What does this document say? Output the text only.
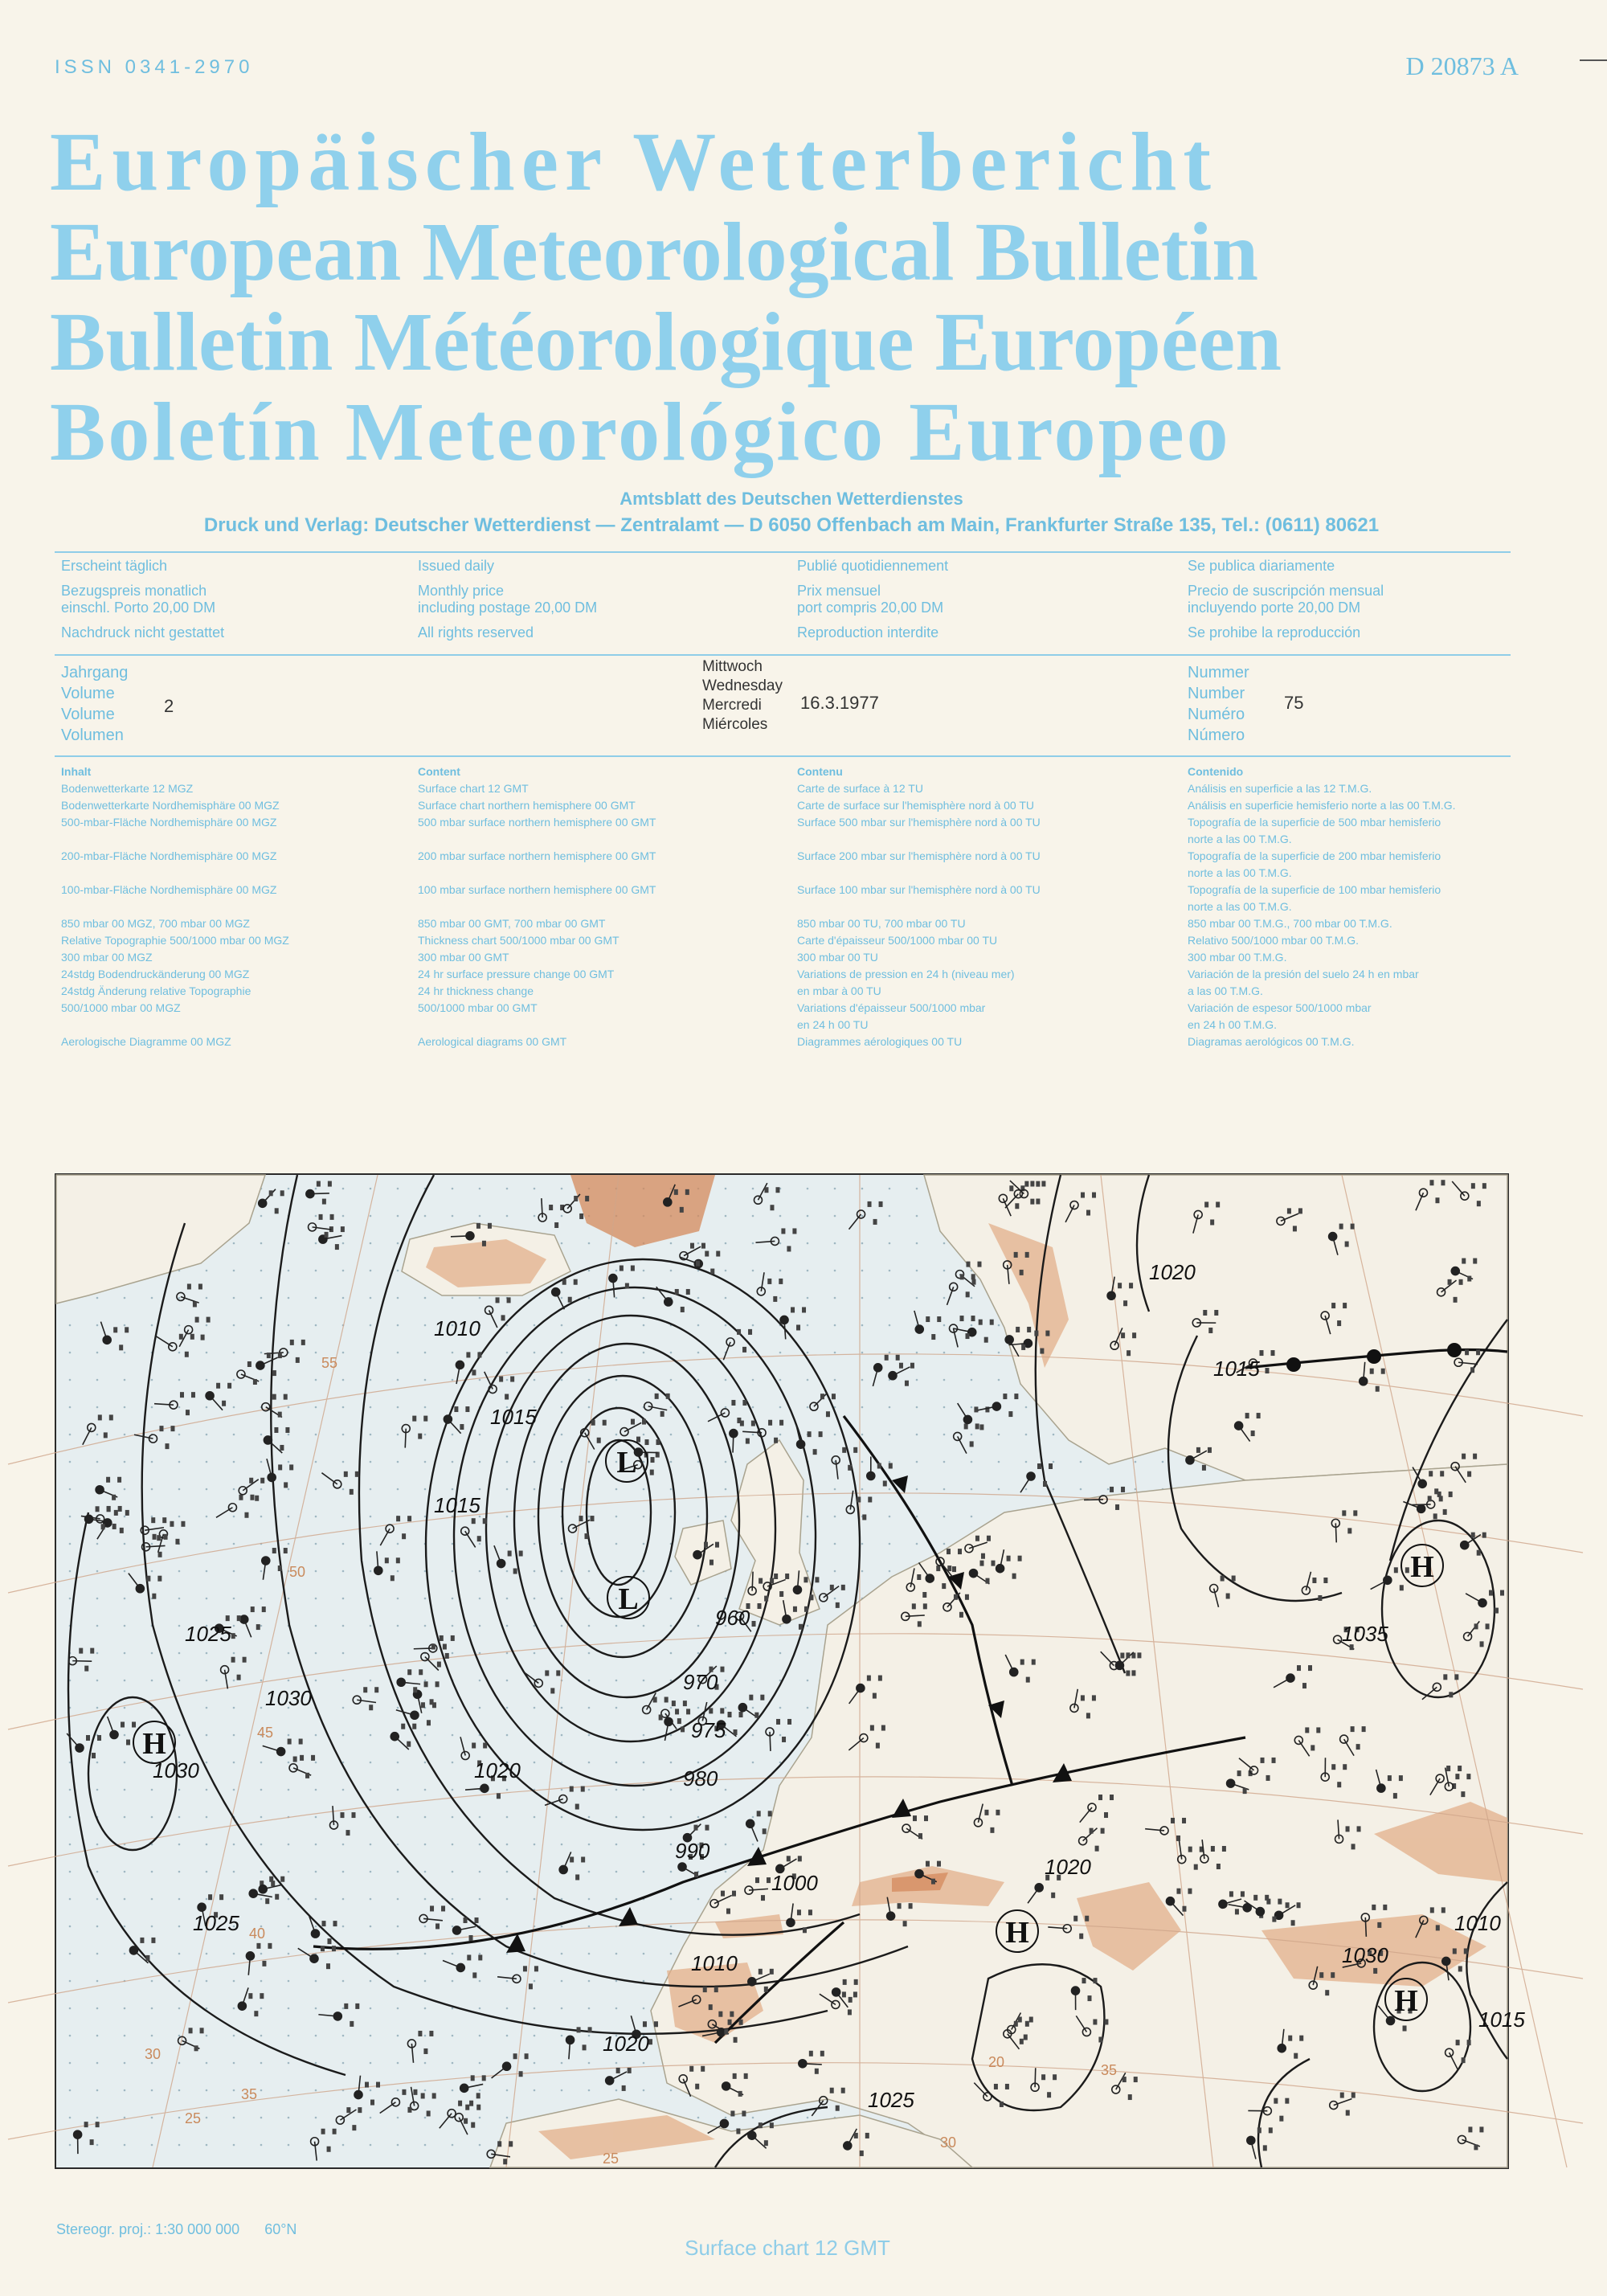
ISSN 0341-2970	D 20873 A
Europäischer Wetterbericht
European Meteorological Bulletin
Bulletin Météorologique Européen
Boletín Meteorológico Europeo
Amtsblatt des Deutschen Wetterdienstes
Druck und Verlag: Deutscher Wetterdienst — Zentralamt — D 6050 Offenbach am Main, Frankfurter Straße 135, Tel.: (0611) 80621
Erscheint täglich
Bezugspreis monatlich
einschl. Porto 20,00 DM
Nachdruck nicht gestattet
Issued daily
Monthly price
including postage 20,00 DM
All rights reserved
Publié quotidiennement
Prix mensuel
port compris 20,00 DM
Reproduction interdite
Se publica diariamente
Precio de suscripción mensual
incluyendo porte 20,00 DM
Se prohibe la reproducción
Jahrgang
Volume
Volume
Volumen
2
Mittwoch
Wednesday
Mercredi
Miércoles
16.3.1977
Nummer
Number
Numéro
Número
75
Inhalt
Bodenwetterkarte 12 MGZ
Bodenwetterkarte Nordhemisphäre 00 MGZ
500-mbar-Fläche Nordhemisphäre 00 MGZ

200-mbar-Fläche Nordhemisphäre 00 MGZ

100-mbar-Fläche Nordhemisphäre 00 MGZ

850 mbar 00 MGZ, 700 mbar 00 MGZ
Relative Topographie 500/1000 mbar 00 MGZ
300 mbar 00 MGZ
24stdg Bodendruckänderung 00 MGZ
24stdg Änderung relative Topographie
500/1000 mbar 00 MGZ

Aerologische Diagramme 00 MGZ
Content
Surface chart 12 GMT
Surface chart northern hemisphere 00 GMT
500 mbar surface northern hemisphere 00 GMT

200 mbar surface northern hemisphere 00 GMT

100 mbar surface northern hemisphere 00 GMT

850 mbar 00 GMT, 700 mbar 00 GMT
Thickness chart 500/1000 mbar 00 GMT
300 mbar 00 GMT
24 hr surface pressure change 00 GMT
24 hr thickness change
500/1000 mbar 00 GMT

Aerological diagrams 00 GMT
Contenu
Carte de surface à 12 TU
Carte de surface sur l'hemisphère nord à 00 TU
Surface 500 mbar sur l'hemisphère nord à 00 TU

Surface 200 mbar sur l'hemisphère nord à 00 TU

Surface 100 mbar sur l'hemisphère nord à 00 TU

850 mbar 00 TU, 700 mbar 00 TU
Carte d'épaisseur 500/1000 mbar 00 TU
300 mbar 00 TU
Variations de pression en 24 h (niveau mer)
en mbar à 00 TU
Variations d'épaisseur 500/1000 mbar
en 24 h 00 TU
Diagrammes aérologiques 00 TU
Contenido
Análisis en superficie a las 12 T.M.G.
Análisis en superficie hemisferio norte a las 00 T.M.G.
Topografía de la superficie de 500 mbar hemisferio
norte a las 00 T.M.G.
Topografía de la superficie de 200 mbar hemisferio
norte a las 00 T.M.G.
Topografía de la superficie de 100 mbar hemisferio
norte a las 00 T.M.G.
850 mbar 00 T.M.G., 700 mbar 00 T.M.G.
Relativo 500/1000 mbar 00 T.M.G.
300 mbar 00 T.M.G.
Variación de la presión del suelo 24 h en mbar
a las 00 T.M.G.
Variación de espesor 500/1000 mbar
en 24 h 00 T.M.G.
Diagramas aerológicos 00 T.M.G.
1010
1015
1015
1020
1025
1030
960
970
975
980
990
1000
1010
1020
1025
1030
1035
1020
1025
1030
1015
1020
1015
1010
L
L
H
H
H
H
55
50
45
40
35
30
25
20	35
30
25
Stereogr. proj.: 1:30 000 000 60°N
Surface chart 12 GMT
